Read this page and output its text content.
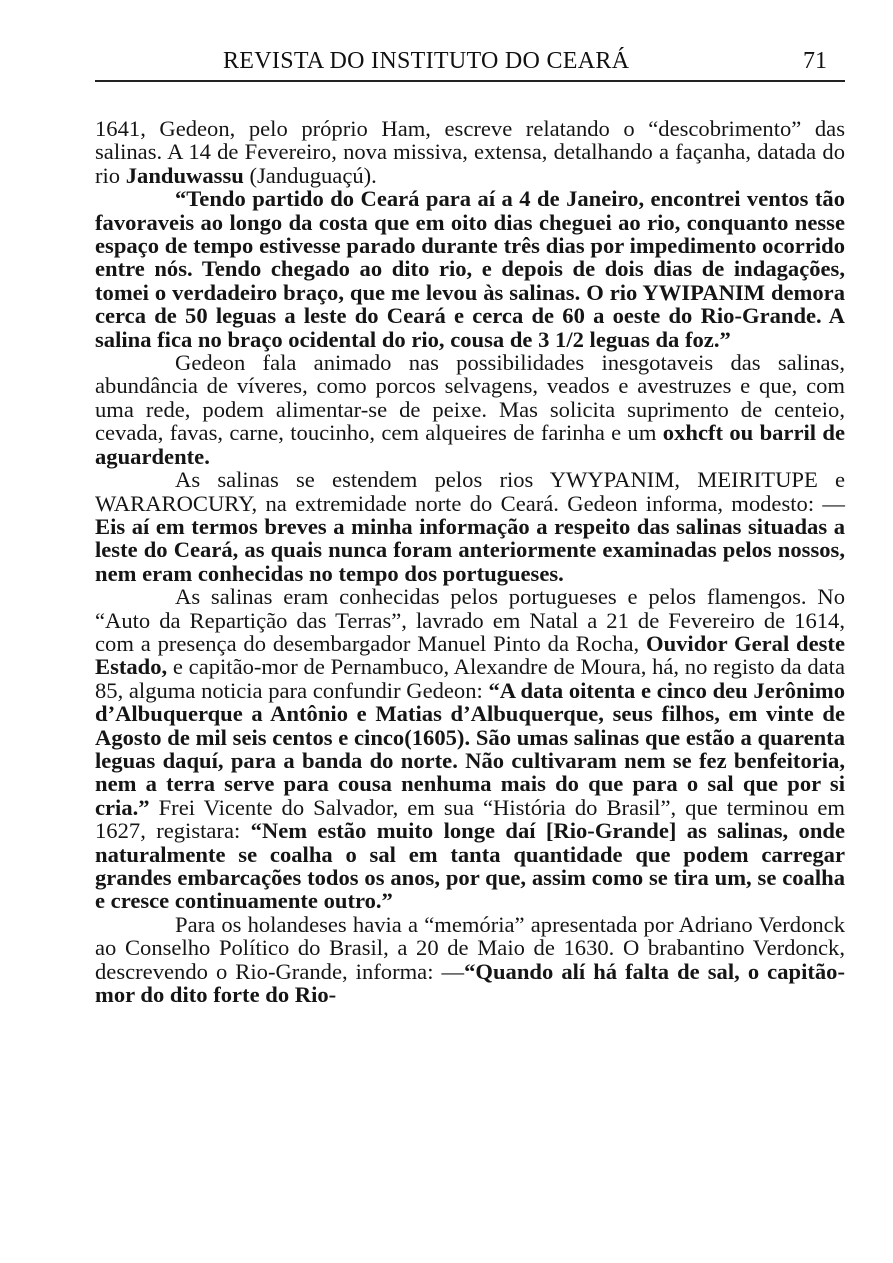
REVISTA DO INSTITUTO DO CEARÁ	71

1641, Gedeon, pelo próprio Ham, escreve relatando o “descobrimento” das salinas. A 14 de Fevereiro, nova missiva, extensa, detalhando a façanha, datada do rio Janduwassu (Janduguaçú).

“Tendo partido do Ceará para aí a 4 de Janeiro, encontrei ventos tão favoraveis ao longo da costa que em oito dias cheguei ao rio, conquanto nesse espaço de tempo estivesse parado durante três dias por impedimento ocorrido entre nós. Tendo chegado ao dito rio, e depois de dois dias de indagações, tomei o verdadeiro braço, que me levou às salinas. O rio YWIPANIM demora cerca de 50 leguas a leste do Ceará e cerca de 60 a oeste do Rio-Grande. A salina fica no braço ocidental do rio, cousa de 3 1/2 leguas da foz.”

Gedeon fala animado nas possibilidades inesgotaveis das salinas, abundância de víveres, como porcos selvagens, veados e avestruzes e que, com uma rede, podem alimentar-se de peixe. Mas solicita suprimento de centeio, cevada, favas, carne, toucinho, cem alqueires de farinha e um oxhcft ou barril de aguardente.

As salinas se estendem pelos rios YWYPANIM, MEIRITUPE e WARAROCURY, na extremidade norte do Ceará. Gedeon informa, modesto: — Eis aí em termos breves a minha informação a respeito das salinas situadas a leste do Ceará, as quais nunca foram anteriormente examinadas pelos nossos, nem eram conhecidas no tempo dos portugueses.

As salinas eram conhecidas pelos portugueses e pelos flamengos. No “Auto da Repartição das Terras”, lavrado em Natal a 21 de Fevereiro de 1614, com a presença do desembargador Manuel Pinto da Rocha, Ouvidor Geral deste Estado, e capitão-mor de Pernambuco, Alexandre de Moura, há, no registo da data 85, alguma noticia para confundir Gedeon: “A data oitenta e cinco deu Jerônimo d’Albuquerque a Antônio e Matias d’Albuquerque, seus filhos, em vinte de Agosto de mil seis centos e cinco(1605). São umas salinas que estão a quarenta leguas daquí, para a banda do norte. Não cultivaram nem se fez benfeitoria, nem a terra serve para cousa nenhuma mais do que para o sal que por si cria.” Frei Vicente do Salvador, em sua “História do Brasil”, que terminou em 1627, registara: “Nem estão muito longe daí [Rio-Grande] as salinas, onde naturalmente se coalha o sal em tanta quantidade que podem carregar grandes embarcações todos os anos, por que, assim como se tira um, se coalha e cresce continuamente outro.”

Para os holandeses havia a “memória” apresentada por Adriano Verdonck ao Conselho Político do Brasil, a 20 de Maio de 1630. O brabantino Verdonck, descrevendo o Rio-Grande, informa: —“Quando alí há falta de sal, o capitão-mor do dito forte do Rio-
